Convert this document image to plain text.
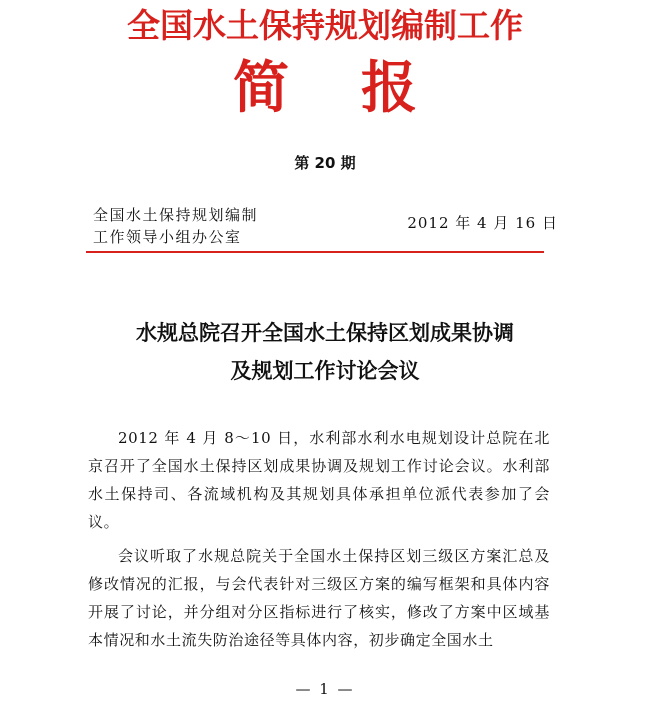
全国水土保持规划编制工作
简 报
第 20 期
全国水土保持规划编制
工作领导小组办公室
2012 年 4 月 16 日
水规总院召开全国水土保持区划成果协调
及规划工作讨论会议

2012 年 4 月 8～10 日，水利部水利水电规划设计总院在北京召开了全国水土保持区划成果协调及规划工作讨论会议。水利部水土保持司、各流域机构及其规划具体承担单位派代表参加了会议。

会议听取了水规总院关于全国水土保持区划三级区方案汇总及修改情况的汇报，与会代表针对三级区方案的编写框架和具体内容开展了讨论，并分组对分区指标进行了核实，修改了方案中区域基本情况和水土流失防治途径等具体内容，初步确定全国水土

— 1 —
